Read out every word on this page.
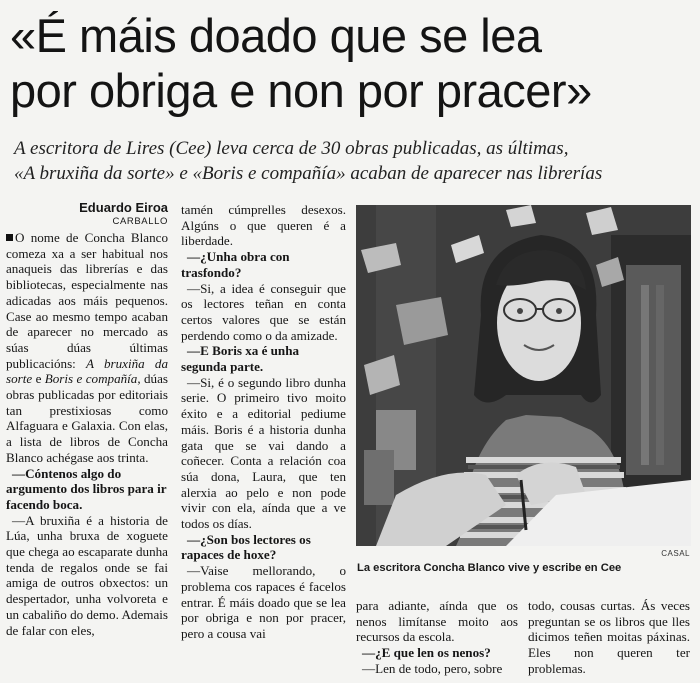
«É máis doado que se lea
por obriga e non por pracer»
A escritora de Lires (Cee) leva cerca de 30 obras publicadas, as últimas,
«A bruxiña da sorte» e «Boris e compañía» acaban de aparecer nas librerías
Eduardo Eiroa
CARBALLO

O nome de Concha Blanco comeza xa a ser habitual nos anaqueis das librerías e das bibliotecas, especialmente nas adicadas aos máis pequenos. Case ao mesmo tempo acaban de aparecer no mercado as súas dúas últimas publicacións: A bruxiña da sorte e Boris e compañía, dúas obras publicadas por editoriais tan prestixiosas como Alfaguara e Galaxia. Con elas, a lista de libros de Concha Blanco achégase aos trinta.

—Cóntenos algo do argumento dos libros para ir facendo boca.

—A bruxiña é a historia de Lúa, unha bruxa de xoguete que chega ao escaparate dunha tenda de regalos onde se fai amiga de outros obxectos: un despertador, unha volvoreta e un cabaliño do demo. Ademais de falar con eles,

tamén cúmprelles desexos. Algúns o que queren é a liberdade.

—¿Unha obra con trasfondo?

—Si, a idea é conseguir que os lectores teñan en conta certos valores que se están perdendo como o da amizade.

—E Boris xa é unha segunda parte.

—Si, é o segundo libro dunha serie. O primeiro tivo moito éxito e a editorial pediume máis. Boris é a historia dunha gata que se vai dando a coñecer. Conta a relación coa súa dona, Laura, que ten alerxia ao pelo e non pode vivir con ela, aínda que a ve todos os días.

—¿Son bos lectores os rapaces de hoxe?

—Vaise mellorando, o problema cos rapaces é facelos entrar. É máis doado que se lea por obriga e non por pracer, pero a cousa vai

CASAL
La escritora Concha Blanco vive y escribe en Cee

para adiante, aínda que os nenos limítanse moito aos recursos da escola.

—¿E que len os nenos?

—Len de todo, pero, sobre

todo, cousas curtas. Ás veces preguntan se os libros que lles dicimos teñen moitas páxinas. Eles non queren ter problemas.
